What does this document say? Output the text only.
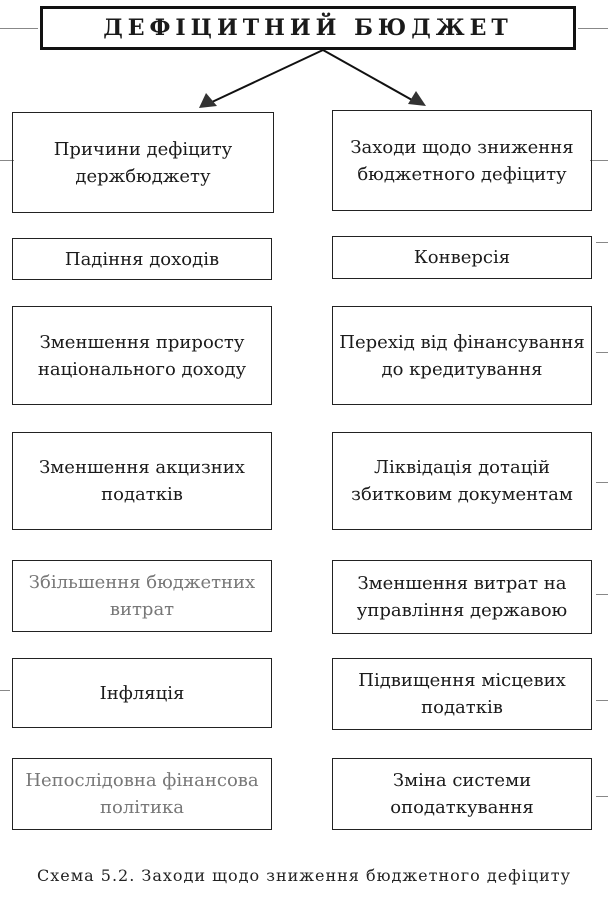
ДЕФІЦИТНИЙ БЮДЖЕТ
Причини дефіциту держбюджету
Падіння доходів
Зменшення приросту національного доходу
Зменшення акцизних податків
Збільшення бюджетних витрат
Інфляція
Непослідовна фінансова політика
Заходи щодо зниження бюджетного дефіциту
Конверсія
Перехід від фінансування до кредитування
Ліквідація дотацій збитковим документам
Зменшення витрат на управління державою
Підвищення місцевих податків
Зміна системи оподаткування
Схема 5.2. Заходи щодо зниження бюджетного дефіциту
